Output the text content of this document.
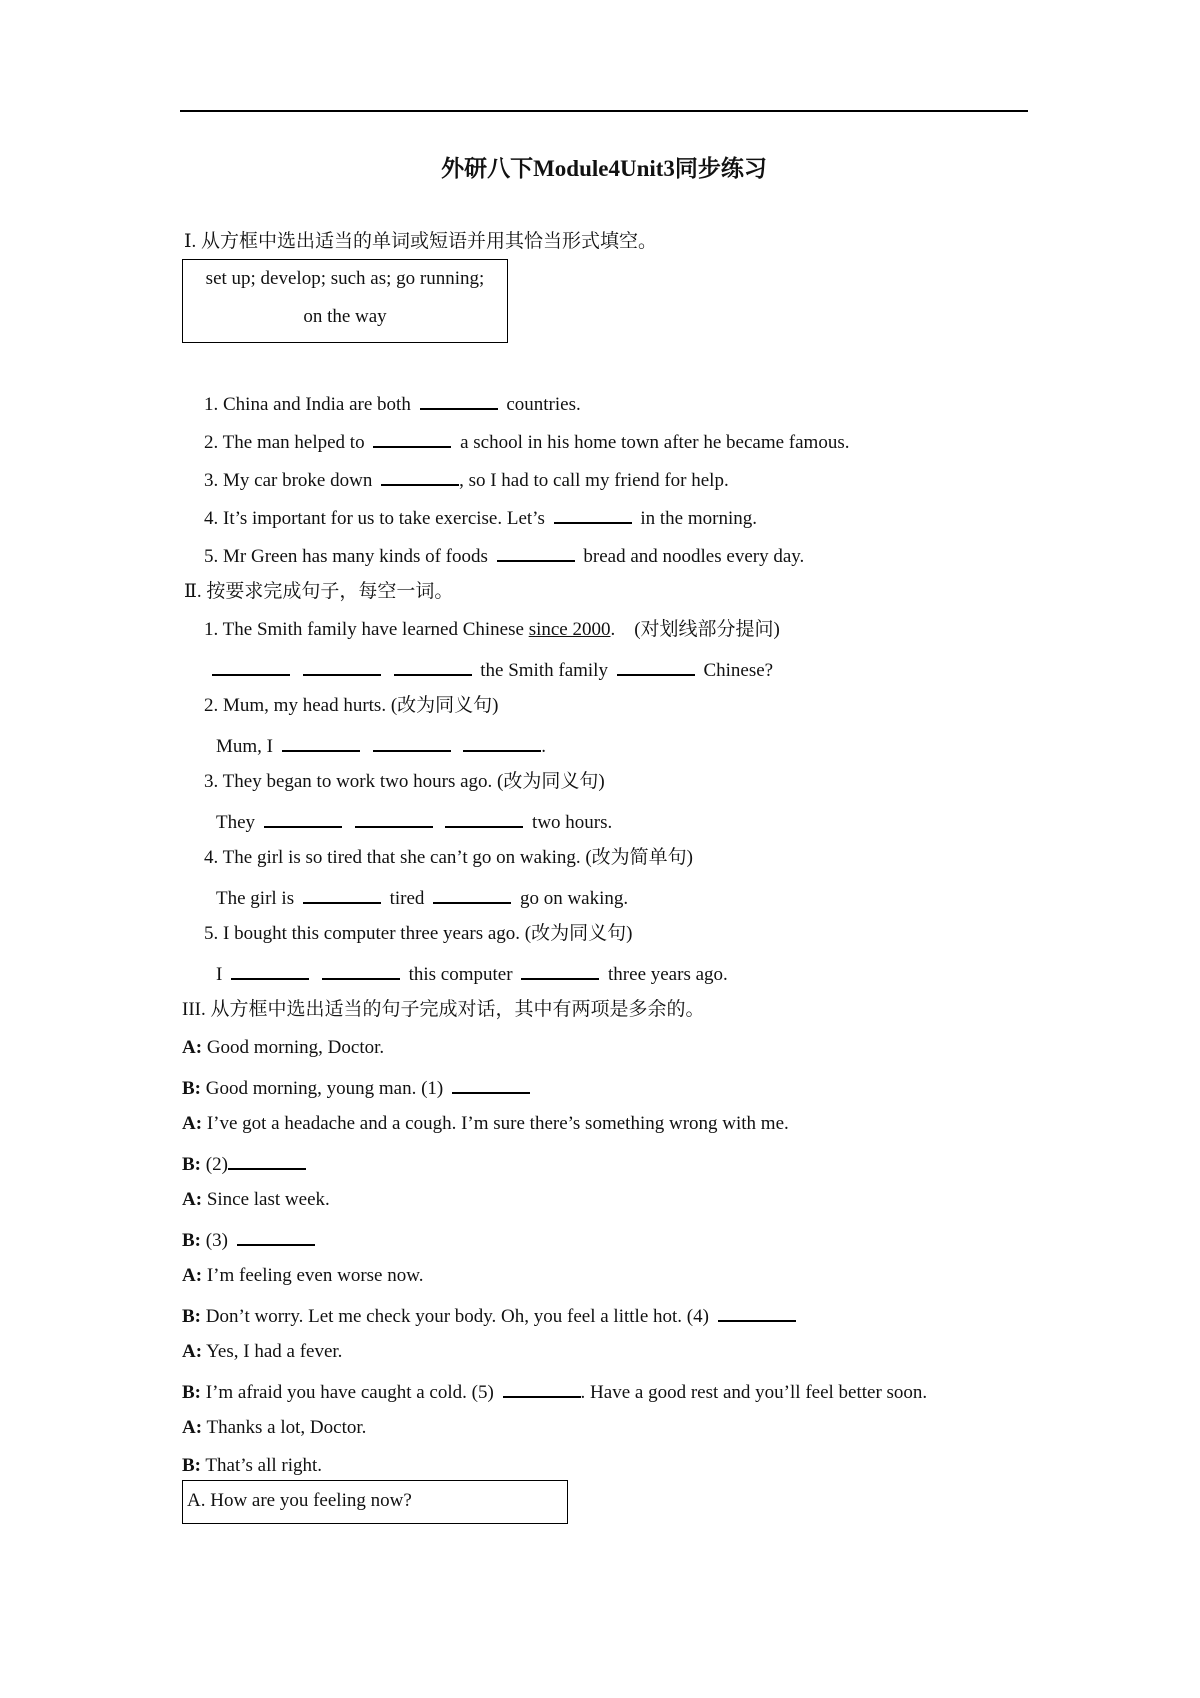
外研八下Module4Unit3同步练习
Ⅰ. 从方框中选出适当的单词或短语并用其恰当形式填空。
set up; develop; such as; go running;
on the way
1. China and India are both	countries.
2. The man helped to	a school in his home town after he became famous.
3. My car broke down	, so I had to call my friend for help.
4. It’s important for us to take exercise. Let’s	in the morning.
5. Mr Green has many kinds of foods	bread and noodles every day.
Ⅱ. 按要求完成句子，每空一词。
1. The Smith family have learned Chinese since 2000. (对划线部分提问)
the Smith family	Chinese?
2. Mum, my head hurts. (改为同义句)
Mum, I	.
3. They began to work two hours ago. (改为同义句)
They	two hours.
4. The girl is so tired that she can’t go on waking. (改为简单句)
The girl is	tired	go on waking.
5. I bought this computer three years ago. (改为同义句)
I	this computer	three years ago.
III. 从方框中选出适当的句子完成对话，其中有两项是多余的。
A: Good morning, Doctor.
B: Good morning, young man. (1)
A: I’ve got a headache and a cough. I’m sure there’s something wrong with me.
B: (2)
A: Since last week.
B: (3)
A: I’m feeling even worse now.
B: Don’t worry. Let me check your body. Oh, you feel a little hot. (4)
A: Yes, I had a fever.
B: I’m afraid you have caught a cold. (5)	. Have a good rest and you’ll feel better soon.
A: Thanks a lot, Doctor.
B: That’s all right.
A. How are you feeling now?
